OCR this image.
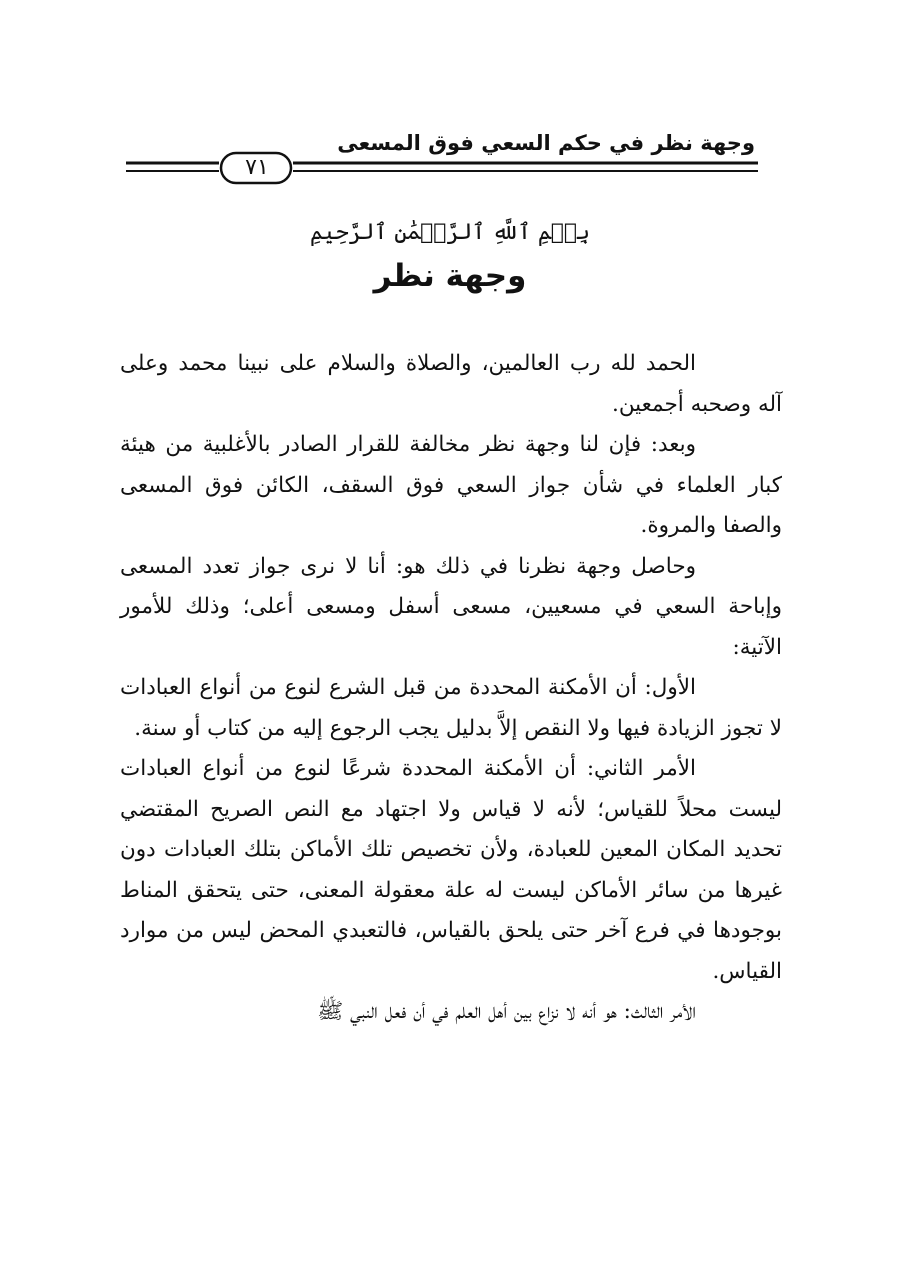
وجهة نظر في حكم السعي فوق المسعى
٧١
بِسۡمِ ٱللَّهِ ٱلرَّحۡمَٰنِ ٱلرَّحِيمِ
وجهة نظر

الحمد لله رب العالمين، والصلاة والسلام على نبينا محمد وعلى آله وصحبه أجمعين.

وبعد: فإن لنا وجهة نظر مخالفة للقرار الصادر بالأغلبية من هيئة كبار العلماء في شأن جواز السعي فوق السقف، الكائن فوق المسعى والصفا والمروة.

وحاصل وجهة نظرنا في ذلك هو: أنا لا نرى جواز تعدد المسعى وإباحة السعي في مسعيين، مسعى أسفل ومسعى أعلى؛ وذلك للأمور الآتية:

الأول: أن الأمكنة المحددة من قبل الشرع لنوع من أنواع العبادات لا تجوز الزيادة فيها ولا النقص إلاَّ بدليل يجب الرجوع إليه من كتاب أو سنة.

الأمر الثاني: أن الأمكنة المحددة شرعًا لنوع من أنواع العبادات ليست محلاً للقياس؛ لأنه لا قياس ولا اجتهاد مع النص الصريح المقتضي تحديد المكان المعين للعبادة، ولأن تخصيص تلك الأماكن بتلك العبادات دون غيرها من سائر الأماكن ليست له علة معقولة المعنى، حتى يتحقق المناط بوجودها في فرع آخر حتى يلحق بالقياس، فالتعبدي المحض ليس من موارد القياس.

الأمر الثالث: هو أنه لا نزاع بين أهل العلم في أن فعل النبي ﷺ
